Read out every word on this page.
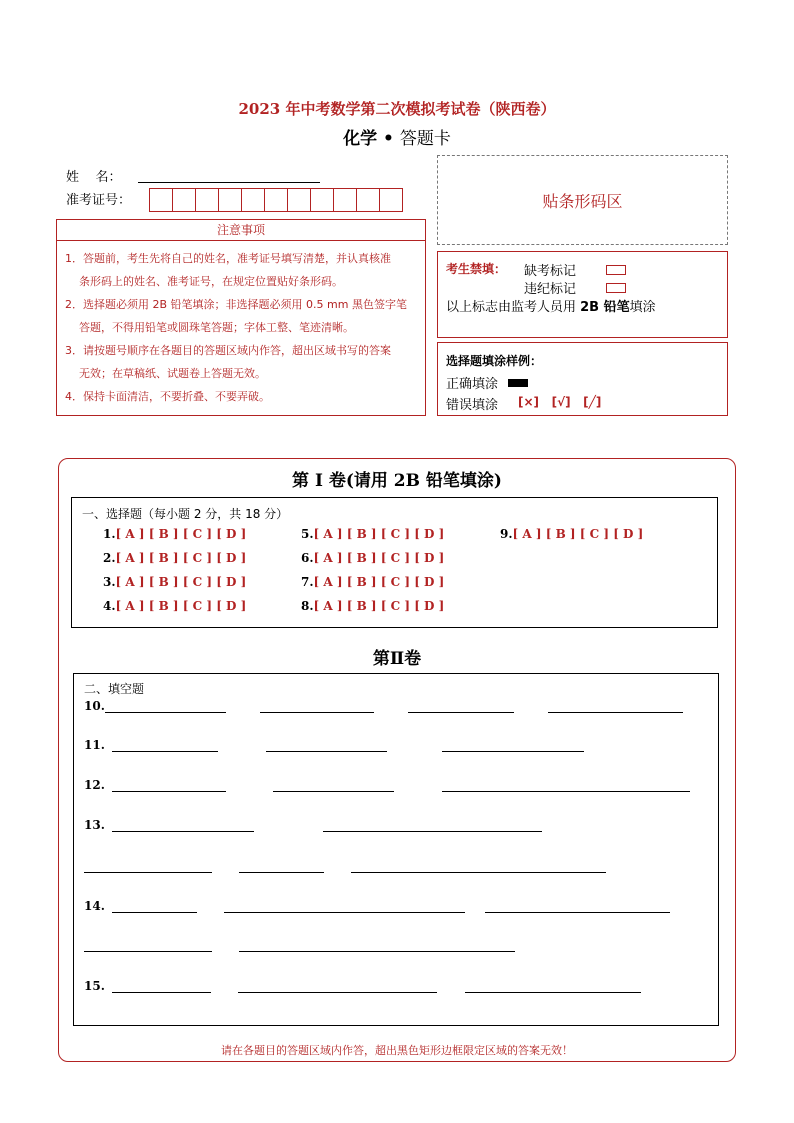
2023 年中考数学第二次模拟考试卷（陕西卷）
化学 • 答题卡
姓    名：
准考证号：	贴条形码区
注意事项

1．答题前，考生先将自己的姓名，准考证号填写清楚，并认真核准

条形码上的姓名、准考证号，在规定位置贴好条形码。

2．选择题必须用 2B 铅笔填涂；非选择题必须用 0.5 mm 黑色签字笔

答题，不得用铅笔或圆珠笔答题；字体工整、笔迹清晰。

3．请按题号顺序在各题目的答题区域内作答，超出区域书写的答案

无效；在草稿纸、试题卷上答题无效。

4．保持卡面清洁，不要折叠、不要弄破。

考生禁填： 缺考标记
违纪标记
以上标志由监考人员用 2B 铅笔填涂
选择题填涂样例：
正确填涂
错误填涂 [×] [√] [╱]
第 Ⅰ 卷(请用 2B 铅笔填涂)
一、选择题（每小题 2 分，共 18 分）
1.[ A ] [ B ] [ C ] [ D ]
2.[ A ] [ B ] [ C ] [ D ]
3.[ A ] [ B ] [ C ] [ D ]
4.[ A ] [ B ] [ C ] [ D ]
5.[ A ] [ B ] [ C ] [ D ]
6.[ A ] [ B ] [ C ] [ D ]
7.[ A ] [ B ] [ C ] [ D ]
8.[ A ] [ B ] [ C ] [ D ]
9.[ A ] [ B ] [ C ] [ D ]
第Ⅱ卷
二、填空题
10.
11.
12.
13.
14.
15.
请在各题目的答题区域内作答，超出黑色矩形边框限定区域的答案无效！
